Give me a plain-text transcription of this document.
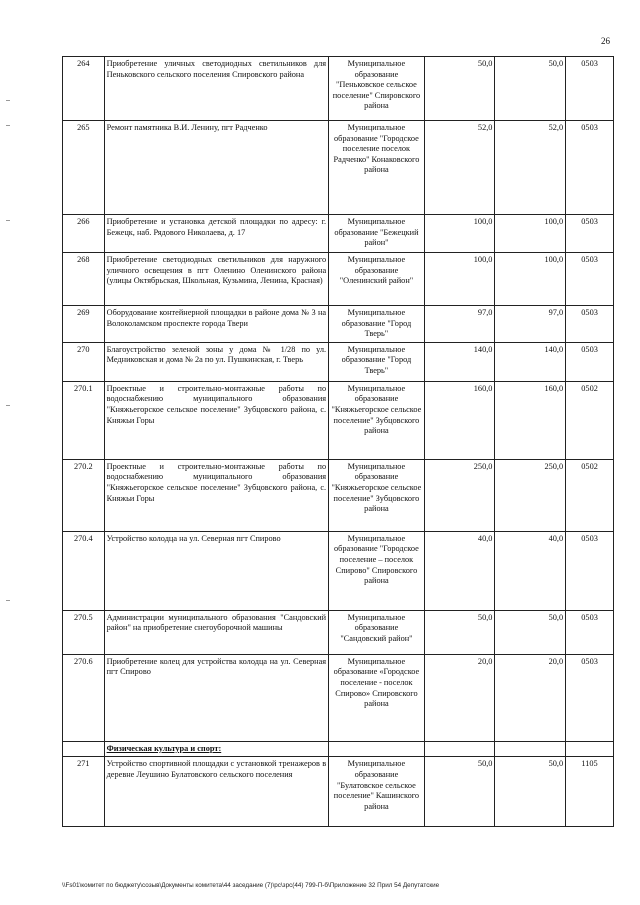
26
264	Приобретение уличных светодиодных светильников для Пеньковского сельского поселения Спировского района	Муниципальное образование "Пеньковское сельское поселение" Спировского района	50,0	50,0	0503
265	Ремонт памятника В.И. Ленину, пгт Радченко	Муниципальное образование "Городское поселение поселок Радченко" Конаковского района	52,0	52,0	0503
266	Приобретение и установка детской площадки по адресу: г. Бежецк, наб. Рядового Николаева, д. 17	Муниципальное образование "Бежецкий район"	100,0	100,0	0503
268	Приобретение светодиодных светильников для наружного уличного освещения в пгт Оленино Оленинского района (улицы Октябрьская, Школьная, Кузьмина, Ленина, Красная)	Муниципальное образование "Оленинский район"	100,0	100,0	0503
269	Оборудование контейнерной площадки в районе дома № 3 на Волоколамском проспекте города Твери	Муниципальное образование "Город Тверь"	97,0	97,0	0503
270	Благоустройство зеленой зоны у дома № 1/28 по ул. Медниковская и дома № 2а по ул. Пушкинская, г. Тверь	Муниципальное образование "Город Тверь"	140,0	140,0	0503
270.1	Проектные и строительно-монтажные работы по водоснабжению муниципального образования "Княжьегорское сельское поселение" Зубцовского района, с. Княжьи Горы	Муниципальное образование "Княжьегорское сельское поселение" Зубцовского района	160,0	160,0	0502
270.2	Проектные и строительно-монтажные работы по водоснабжению муниципального образования "Княжьегорское сельское поселение" Зубцовского района, с. Княжьи Горы	Муниципальное образование "Княжьегорское сельское поселение" Зубцовского района	250,0	250,0	0502
270.4	Устройство колодца на ул. Северная пгт Спирово	Муниципальное образование "Городское поселение – поселок Спирово" Спировского района	40,0	40,0	0503
270.5	Администрации муниципального образования "Сандовский район" на приобретение снегоуборочной машины	Муниципальное образование "Сандовский район"	50,0	50,0	0503
270.6	Приобретение колец для устройства колодца на ул. Северная пгт Спирово	Муниципальное образование «Городское поселение - поселок Спирово» Спировского района	20,0	20,0	0503
	Физическая культура и спорт:				
271	Устройство спортивной площадки с установкой тренажеров в деревне Леушино Булатовского сельского поселения	Муниципальное образование "Булатовское сельское поселение" Кашинского района	50,0	50,0	1105
\\Fs01\комитет по бюджету\созыв\Документы комитета\44 заседание (7)\рс\зрс(44) 799-П-б\Приложение 32 Прил 54 Депутатские
